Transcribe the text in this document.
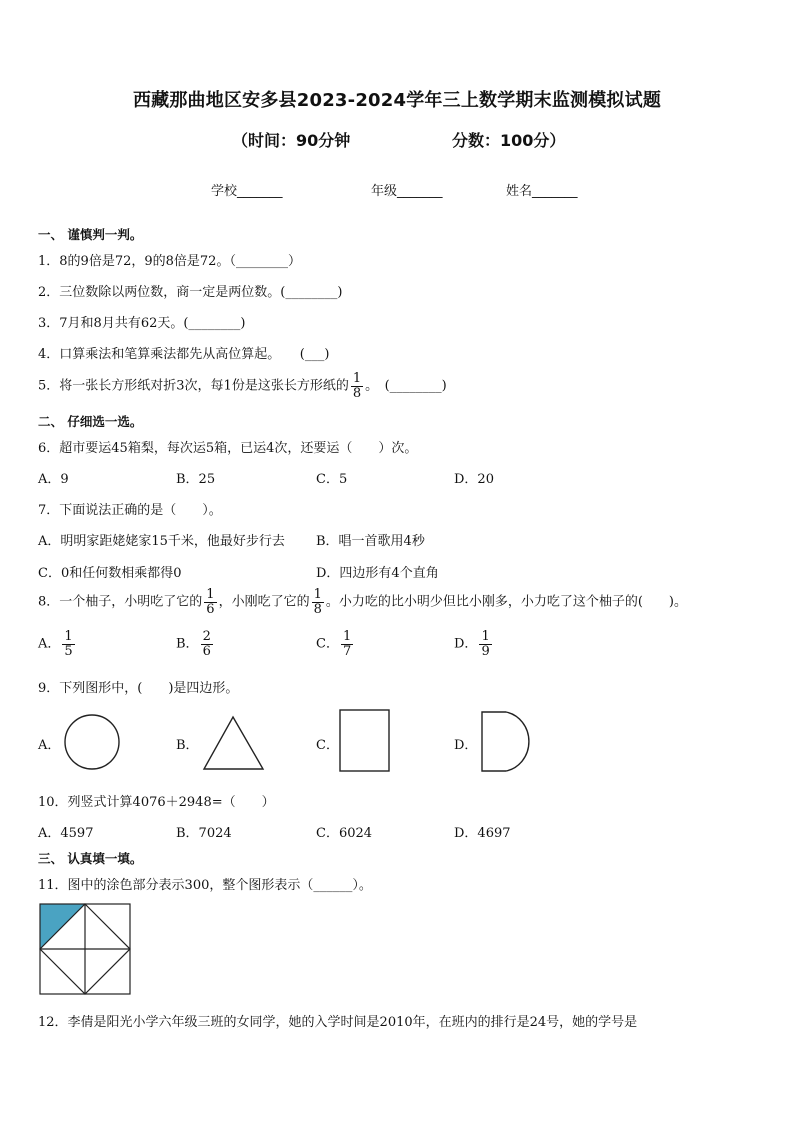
西藏那曲地区安多县2023-2024学年三上数学期末监测模拟试题
（时间：90分钟	分数：100分）
学校_______	年级_______	姓名_______
一、 谨慎判一判。
1．8的9倍是72，9的8倍是72。（________）
2．三位数除以两位数，商一定是两位数。(________)
3．7月和8月共有62天。(________)
4．口算乘法和笔算乘法都先从高位算起。　　(___)
5．将一张长方形纸对折3次，每1份是这张长方形纸的 $\frac{1}{8}$ 。　(________)
二、 仔细选一选。
6．超市要运45箱梨，每次运5箱，已运4次，还要运（　　）次。
A．9	B．25	C．5	D．20
7．下面说法正确的是（　　）。
A．明明家距姥姥家15千米，他最好步行去 B．唱一首歌用4秒
C．0和任何数相乘都得0	D．四边形有4个直角
8．一个柚子，小明吃了它的 $\frac{1}{6}$ ，小刚吃了它的 $\frac{1}{8}$ 。小力吃的比小明少但比小刚多，小力吃了这个柚子的(　　)。
A． $\frac{1}{5}$	B． $\frac{2}{6}$	C． $\frac{1}{7}$	D． $\frac{1}{9}$
9．下列图形中，(　　)是四边形。
A．	B．	C．	D．
10．列竖式计算4076＋2948=（　　）
A．4597	B．7024	C．6024	D．4697
三、 认真填一填。
11．图中的涂色部分表示300，整个图形表示（______）。
12．李倩是阳光小学六年级三班的女同学，她的入学时间是2010年，在班内的排行是24号，她的学号是
